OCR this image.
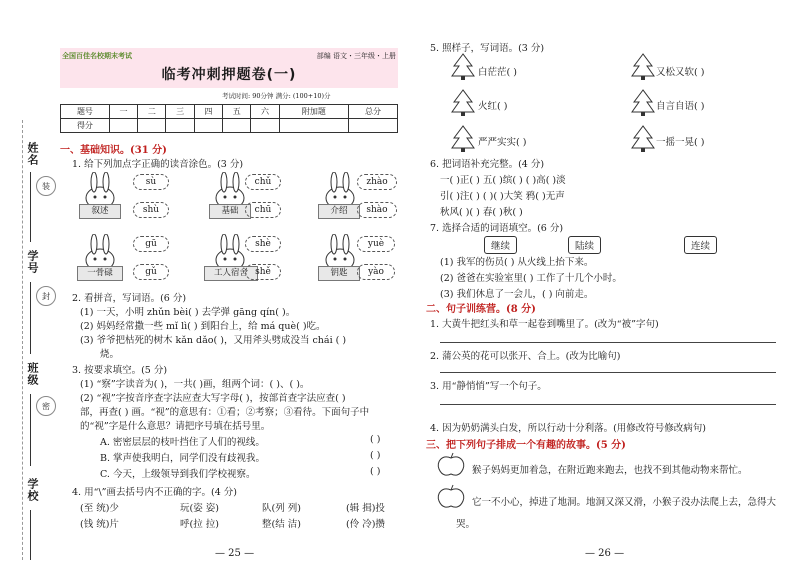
姓名
学号
班级
学校
装
封
密
全国百佳名校期末考试	部编 语文・三年级・上册
临考冲刺押题卷(一)
考试时间: 90分钟 满分: (100+10)分
题号	一	二	三	四	五	六	附加题	总分
得分								
一、基础知识。(31 分)
1. 给下列加点字正确的读音涂色。(3 分)
叙述
sù
shù	基础
chǔ
chū	介绍
zhào
shào
一骨碌
gū
gǔ	工人宿舍
shè
shě	钥匙
yuè
yào
2. 看拼音，写词语。(6 分)
(1) 一天，小明 zhǔn bèi( ) 去学弹 gāng qín( )。
(2) 妈妈经常撒一些 mǐ lì( ) 到阳台上，给 má què( )吃。
(3) 爷爷把枯死的树木 kǎn dǎo( )，又用斧头劈成没当 chái ( )
烧。
3. 按要求填空。(5 分)
(1) “察”字读音为( )，一共( )画，组两个词：( )、( )。
(2) “视”字按音序查字法应查大写字母( )，按部首查字法应查( )
部，再查( ) 画。“视”的意思有：①看；②考察；③看待。下面句子中
的“视”字是什么意思？请把序号填在括号里。
A. 密密层层的枝叶挡住了人们的视线。	( )
B. 掌声使我明白，同学们没有歧视我。	( )
C. 今天，上级领导到我们学校视察。	( )
4. 用“\”画去括号内不正确的字。(4 分)
(至 统)少	玩(姿 姿)	队(列 列)	(辑 揖)投
(钱 统)片	呼(拉 拉)	整(结 洁)	(伶 冷)攒
— 25 —
5. 照样子，写词语。(3 分)
白茫茫( )	又松又软( )
火红( )	自言自语( )
严严实实( )	一摇一晃( )
6. 把词语补充完整。(4 分)
一( )正( ) 五( )缤( ) ( )高( )淡
引( )注( ) ( )( )大笑 鸦( )无声
秋风( )( ) 春( )秋( )
7. 选择合适的词语填空。(6 分)
继续	陆续	连续
(1) 我军的伤员( ) 从火线上抬下来。
(2) 爸爸在实验室里( ) 工作了十几个小时。
(3) 我们休息了一会儿，( ) 向前走。
二、句子训练营。(8 分)
1. 大黄牛把红头和草一起卷到嘴里了。(改为“被”字句)
2. 蒲公英的花可以张开、合上。(改为比喻句)
3. 用“静悄悄”写一个句子。
4. 因为奶奶满头白发，所以行动十分利落。(用修改符号修改病句)
三、把下列句子排成一个有趣的故事。(5 分)
猴子妈妈更加着急，在附近跑来跑去，也找不到其他动物来帮忙。
它一不小心，掉进了地洞。地洞又深又滑，小猴子没办法爬上去，急得大
哭。
— 26 —
